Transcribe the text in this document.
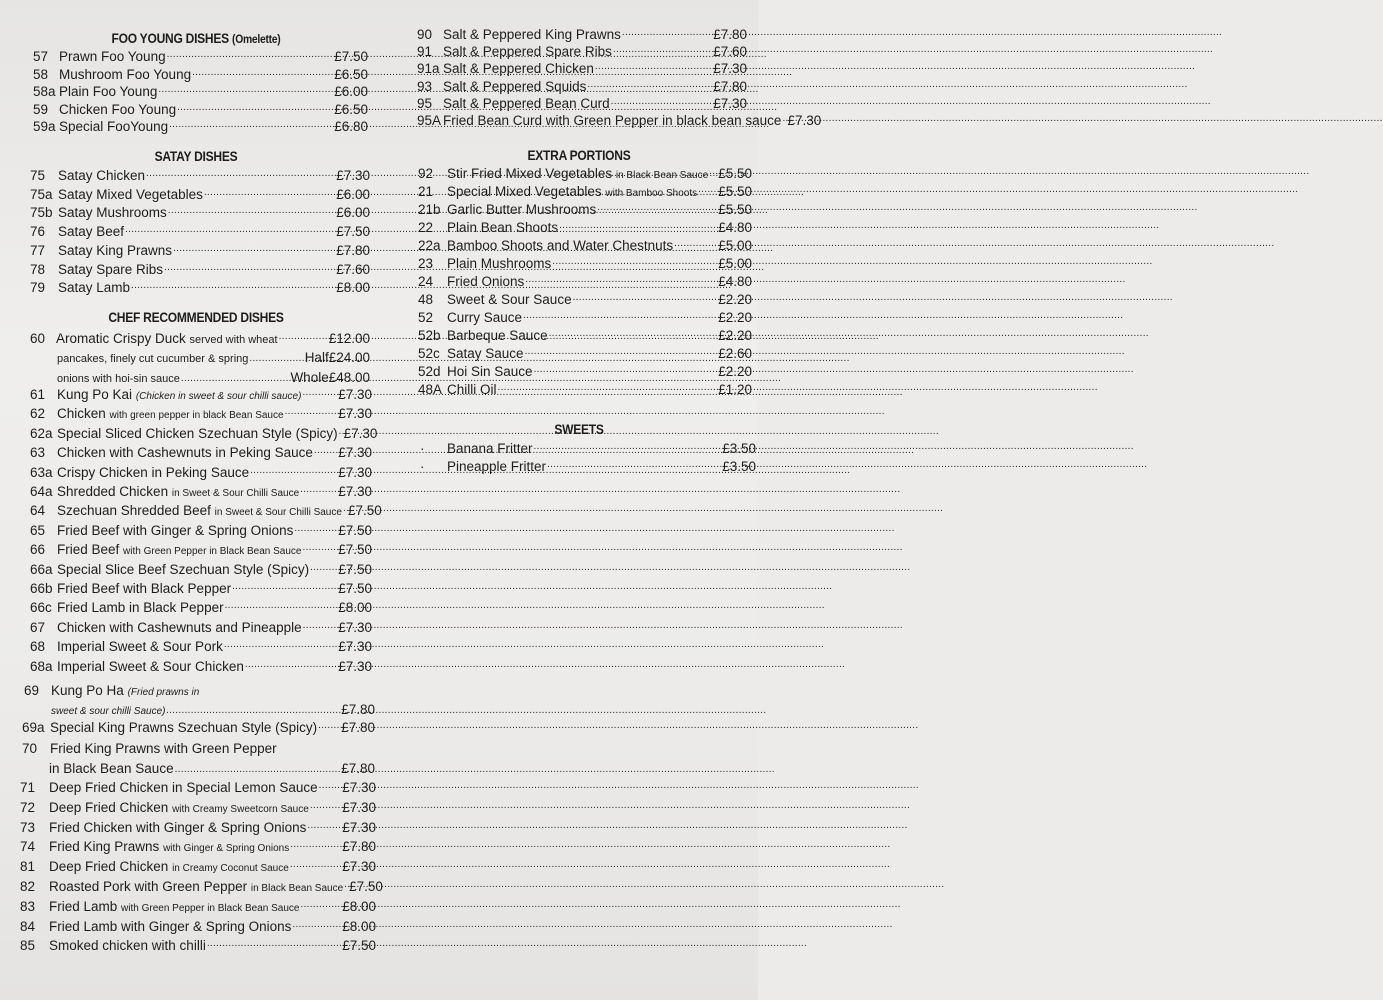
FOO YOUNG DISHES (Omelette)
57 Prawn Foo Young .....	£7.50
58 Mushroom Foo Young .....	£6.50
58a Plain Foo Young .....	£6.00
59 Chicken Foo Young .....	£6.50
59a Special FooYoung .....	£6.80
SATAY DISHES
75 Satay Chicken .....	£7.30
75a Satay Mixed Vegetables .....	£6.00
75b Satay Mushrooms .....	£6.00
76 Satay Beef .....	£7.50
77 Satay King Prawns .....	£7.80
78 Satay Spare Ribs .....	£7.60
79 Satay Lamb .....	£8.00
CHEF RECOMMENDED DISHES
60 Aromatic Crispy Duck served with wheat .....	£12.00
pancakes, finely cut cucumber & spring .....	Half£24.00
onions with hoi-sin sauce .....	Whole£48.00
61 Kung Po Kai (Chicken in sweet & sour chilli sauce) .....	£7.30
62 Chicken with green pepper in black Bean Sauce .....	£7.30
62a Special Sliced Chicken Szechuan Style (Spicy) ..... £7.30
63 Chicken with Cashewnuts in Peking Sauce ..... £7.30
63a Crispy Chicken in Peking Sauce .....	£7.30
64a Shredded Chicken in Sweet & Sour Chilli Sauce .....	£7.30
64 Szechuan Shredded Beef in Sweet & Sour Chilli Sauce ..... £7.50
65 Fried Beef with Ginger & Spring Onions .....	£7.50
66 Fried Beef with Green Pepper in Black Bean Sauce .....	£7.50
66a Special Slice Beef Szechuan Style (Spicy) ..... £7.50
66b Fried Beef with Black Pepper .....	£7.50
66c Fried Lamb in Black Pepper .....	£8.00
67 Chicken with Cashewnuts and Pineapple .....	£7.30
68 Imperial Sweet & Sour Pork .....	£7.30
68a Imperial Sweet & Sour Chicken .....	£7.30
69 Kung Po Ha (Fried prawns in
sweet & sour chilli Sauce) .....	£7.80
69a Special King Prawns Szechuan Style (Spicy) ..... £7.80
70 Fried King Prawns with Green Pepper
in Black Bean Sauce .....	£7.80
71	Deep Fried Chicken in Special Lemon Sauce ..... £7.30
72	Deep Fried Chicken with Creamy Sweetcorn Sauce ..... £7.30
73	Fried Chicken with Ginger & Spring Onions .....	£7.30
74	Fried King Prawns with Ginger & Spring Onions .....	£7.80
81	Deep Fried Chicken in Creamy Coconut Sauce .....	£7.30
82	Roasted Pork with Green Pepper in Black Bean Sauce ..... £7.50
83	Fried Lamb with Green Pepper in Black Bean Sauce .....	£8.00
84	Fried Lamb with Ginger & Spring Onions .....	£8.00
85	Smoked chicken with chilli .....	£7.50
90 Salt & Peppered King Prawns .....	£7.80
91 Salt & Peppered Spare Ribs .....	£7.60
91a Salt & Peppered Chicken .....	£7.30
93 Salt & Peppered Squids .....	£7.80
95 Salt & Peppered Bean Curd .....	£7.30
95A Fried Bean Curd with Green Pepper in black bean sauce ..... £7.30
EXTRA PORTIONS
92	Stir Fried Mixed Vegetables in Black Bean Sauce ..... £5.50
21	Special Mixed Vegetables with Bamboo Shoots ..... £5.50
21b Garlic Butter Mushrooms .....	£5.50
22	Plain Bean Shoots .....	£4.80
22a Bamboo Shoots and Water Chestnuts .....	£5.00
23	Plain Mushrooms .....	£5.00
24	Fried Onions .....	£4.80
48	Sweet & Sour Sauce .....	£2.20
52	Curry Sauce .....	£2.20
52b Barbeque Sauce .....	£2.20
52c Satay Sauce .....	£2.60
52d Hoi Sin Sauce .....	£2.20
48A Chilli Oil .....	£1.20
SWEETS
·	Banana Fritter .....	£3.50
·	Pineapple Fritter .....	£3.50
